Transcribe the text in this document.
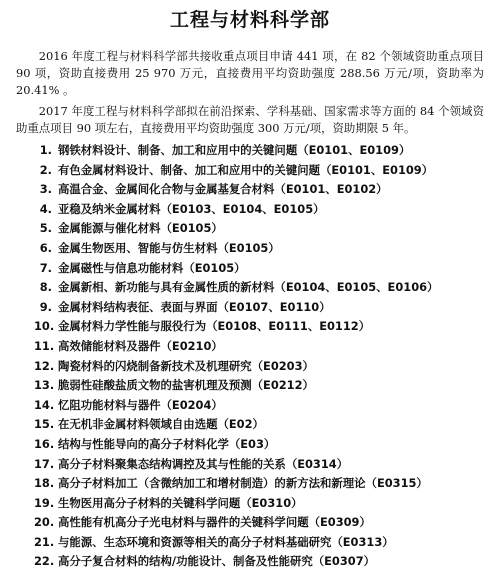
工程与材料科学部

2016 年度工程与材料科学部共接收重点项目申请 441 项，在 82 个领域资助重点项目 90 项，资助直接费用 25 970 万元，直接费用平均资助强度 288.56 万元/项，资助率为 20.41% 。

2017 年度工程与材料科学部拟在前沿探索、学科基础、国家需求等方面的 84 个领域资助重点项目 90 项左右，直接费用平均资助强度 300 万元/项，资助期限 5 年。

1. 钢铁材料设计、制备、加工和应用中的关键问题（E0101、E0109）
2. 有色金属材料设计、制备、加工和应用中的关键问题（E0101、E0109）
3. 高温合金、金属间化合物与金属基复合材料（E0101、E0102）
4. 亚稳及纳米金属材料（E0103、E0104、E0105）
5. 金属能源与催化材料（E0105）
6. 金属生物医用、智能与仿生材料（E0105）
7. 金属磁性与信息功能材料（E0105）
8. 金属新相、新功能与具有金属性质的新材料（E0104、E0105、E0106）
9. 金属材料结构表征、表面与界面（E0107、E0110）
10. 金属材料力学性能与服役行为（E0108、E0111、E0112）
11. 高效储能材料及器件（E0210）
12. 陶瓷材料的闪烧制备新技术及机理研究（E0203）
13. 脆弱性硅酸盐质文物的盐害机理及预测（E0212）
14. 忆阻功能材料与器件（E0204）
15. 在无机非金属材料领域自由选题（E02）
16. 结构与性能导向的高分子材料化学（E03）
17. 高分子材料聚集态结构调控及其与性能的关系（E0314）
18. 高分子材料加工（含微纳加工和增材制造）的新方法和新理论（E0315）
19. 生物医用高分子材料的关键科学问题（E0310）
20. 高性能有机高分子光电材料与器件的关键科学问题（E0309）
21. 与能源、生态环境和资源等相关的高分子材料基础研究（E0313）
22. 高分子复合材料的结构/功能设计、制备及性能研究（E0307）
